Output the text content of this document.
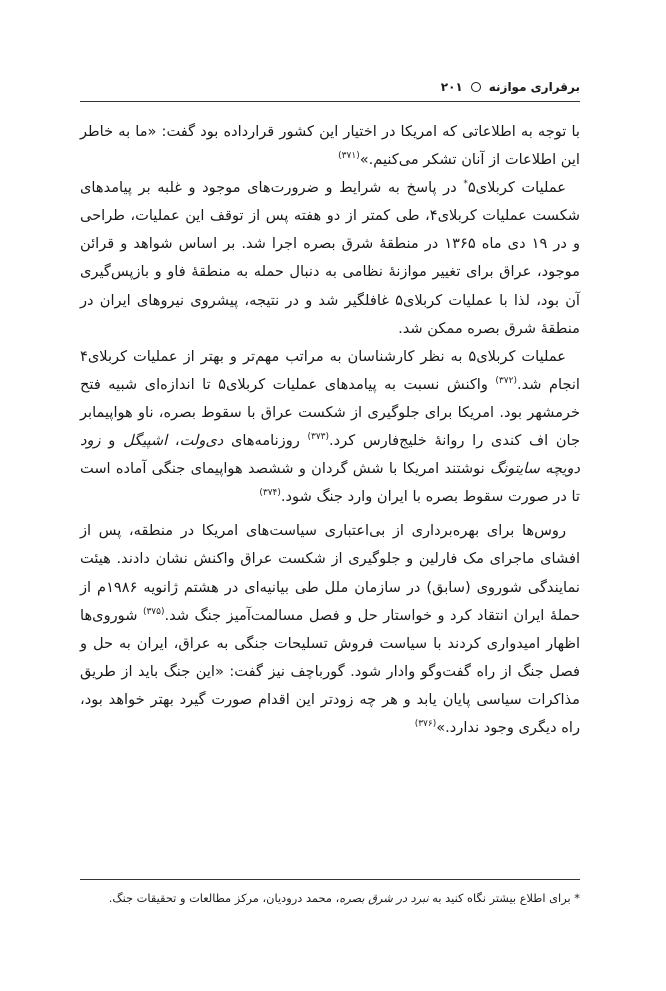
برقراری موازنه
۲۰۱

با توجه به اطلاعاتی که امریکا در اختیار این کشور قرارداده بود گفت: «ما به خاطر این اطلاعات از آنان تشکر می‌کنیم.»$^{(۳۷۱)}$

عملیات کربلای۵* در پاسخ به شرایط و ضرورت‌های موجود و غلبه بر پیامدهای شکست عملیات کربلای۴، طی کمتر از دو هفته پس از توقف این عملیات، طراحی و در ۱۹ دی ماه ۱۳۶۵ در منطقهٔ شرق بصره اجرا شد. بر اساس شواهد و قرائن موجود، عراق برای تغییر موازنهٔ نظامی به دنبال حمله به منطقهٔ فاو و بازپس‌گیری آن بود، لذا با عملیات کربلای۵ غافلگیر شد و در نتیجه، پیشروی نیروهای ایران در منطقهٔ شرق بصره ممکن شد.

عملیات کربلای۵ به نظر کارشناسان به مراتب مهم‌تر و بهتر از عملیات کربلای۴ انجام شد.$^{(۳۷۲)}$ واکنش نسبت به پیامدهای عملیات کربلای۵ تا اندازه‌ای شبیه فتح خرمشهر بود. امریکا برای جلوگیری از شکست عراق با سقوط بصره، ناو هواپیمابر جان اف کندی را روانهٔ خلیج‌فارس کرد.$^{(۳۷۳)}$ روزنامه‌های دی‌ولت، اشپیگل و زود دویچه سایتونگ نوشتند امریکا با شش گردان و ششصد هواپیمای جنگی آماده است تا در صورت سقوط بصره با ایران وارد جنگ شود.$^{(۳۷۴)}$

روس‌ها برای بهره‌برداری از بی‌اعتباری سیاست‌های امریکا در منطقه، پس از افشای ماجرای مک فارلین و جلوگیری از شکست عراق واکنش نشان دادند. هیئت نمایندگی شوروی (سابق) در سازمان ملل طی بیانیه‌ای در هشتم ژانویه ۱۹۸۶م از حملهٔ ایران انتقاد کرد و خواستار حل و فصل مسالمت‌آمیز جنگ شد.$^{(۳۷۵)}$ شوروی‌ها اظهار امیدواری کردند با سیاست فروش تسلیحات جنگی به عراق، ایران به حل و فصل جنگ از راه گفت‌وگو وادار شود. گورباچف نیز گفت: «این جنگ باید از طریق مذاکرات سیاسی پایان یابد و هر چه زودتر این اقدام صورت گیرد بهتر خواهد بود، راه دیگری وجود ندارد.»$^{(۳۷۶)}$

* برای اطلاع بیشتر نگاه کنید به نبرد در شرق بصره، محمد درودیان، مرکز مطالعات و تحقیقات جنگ.
